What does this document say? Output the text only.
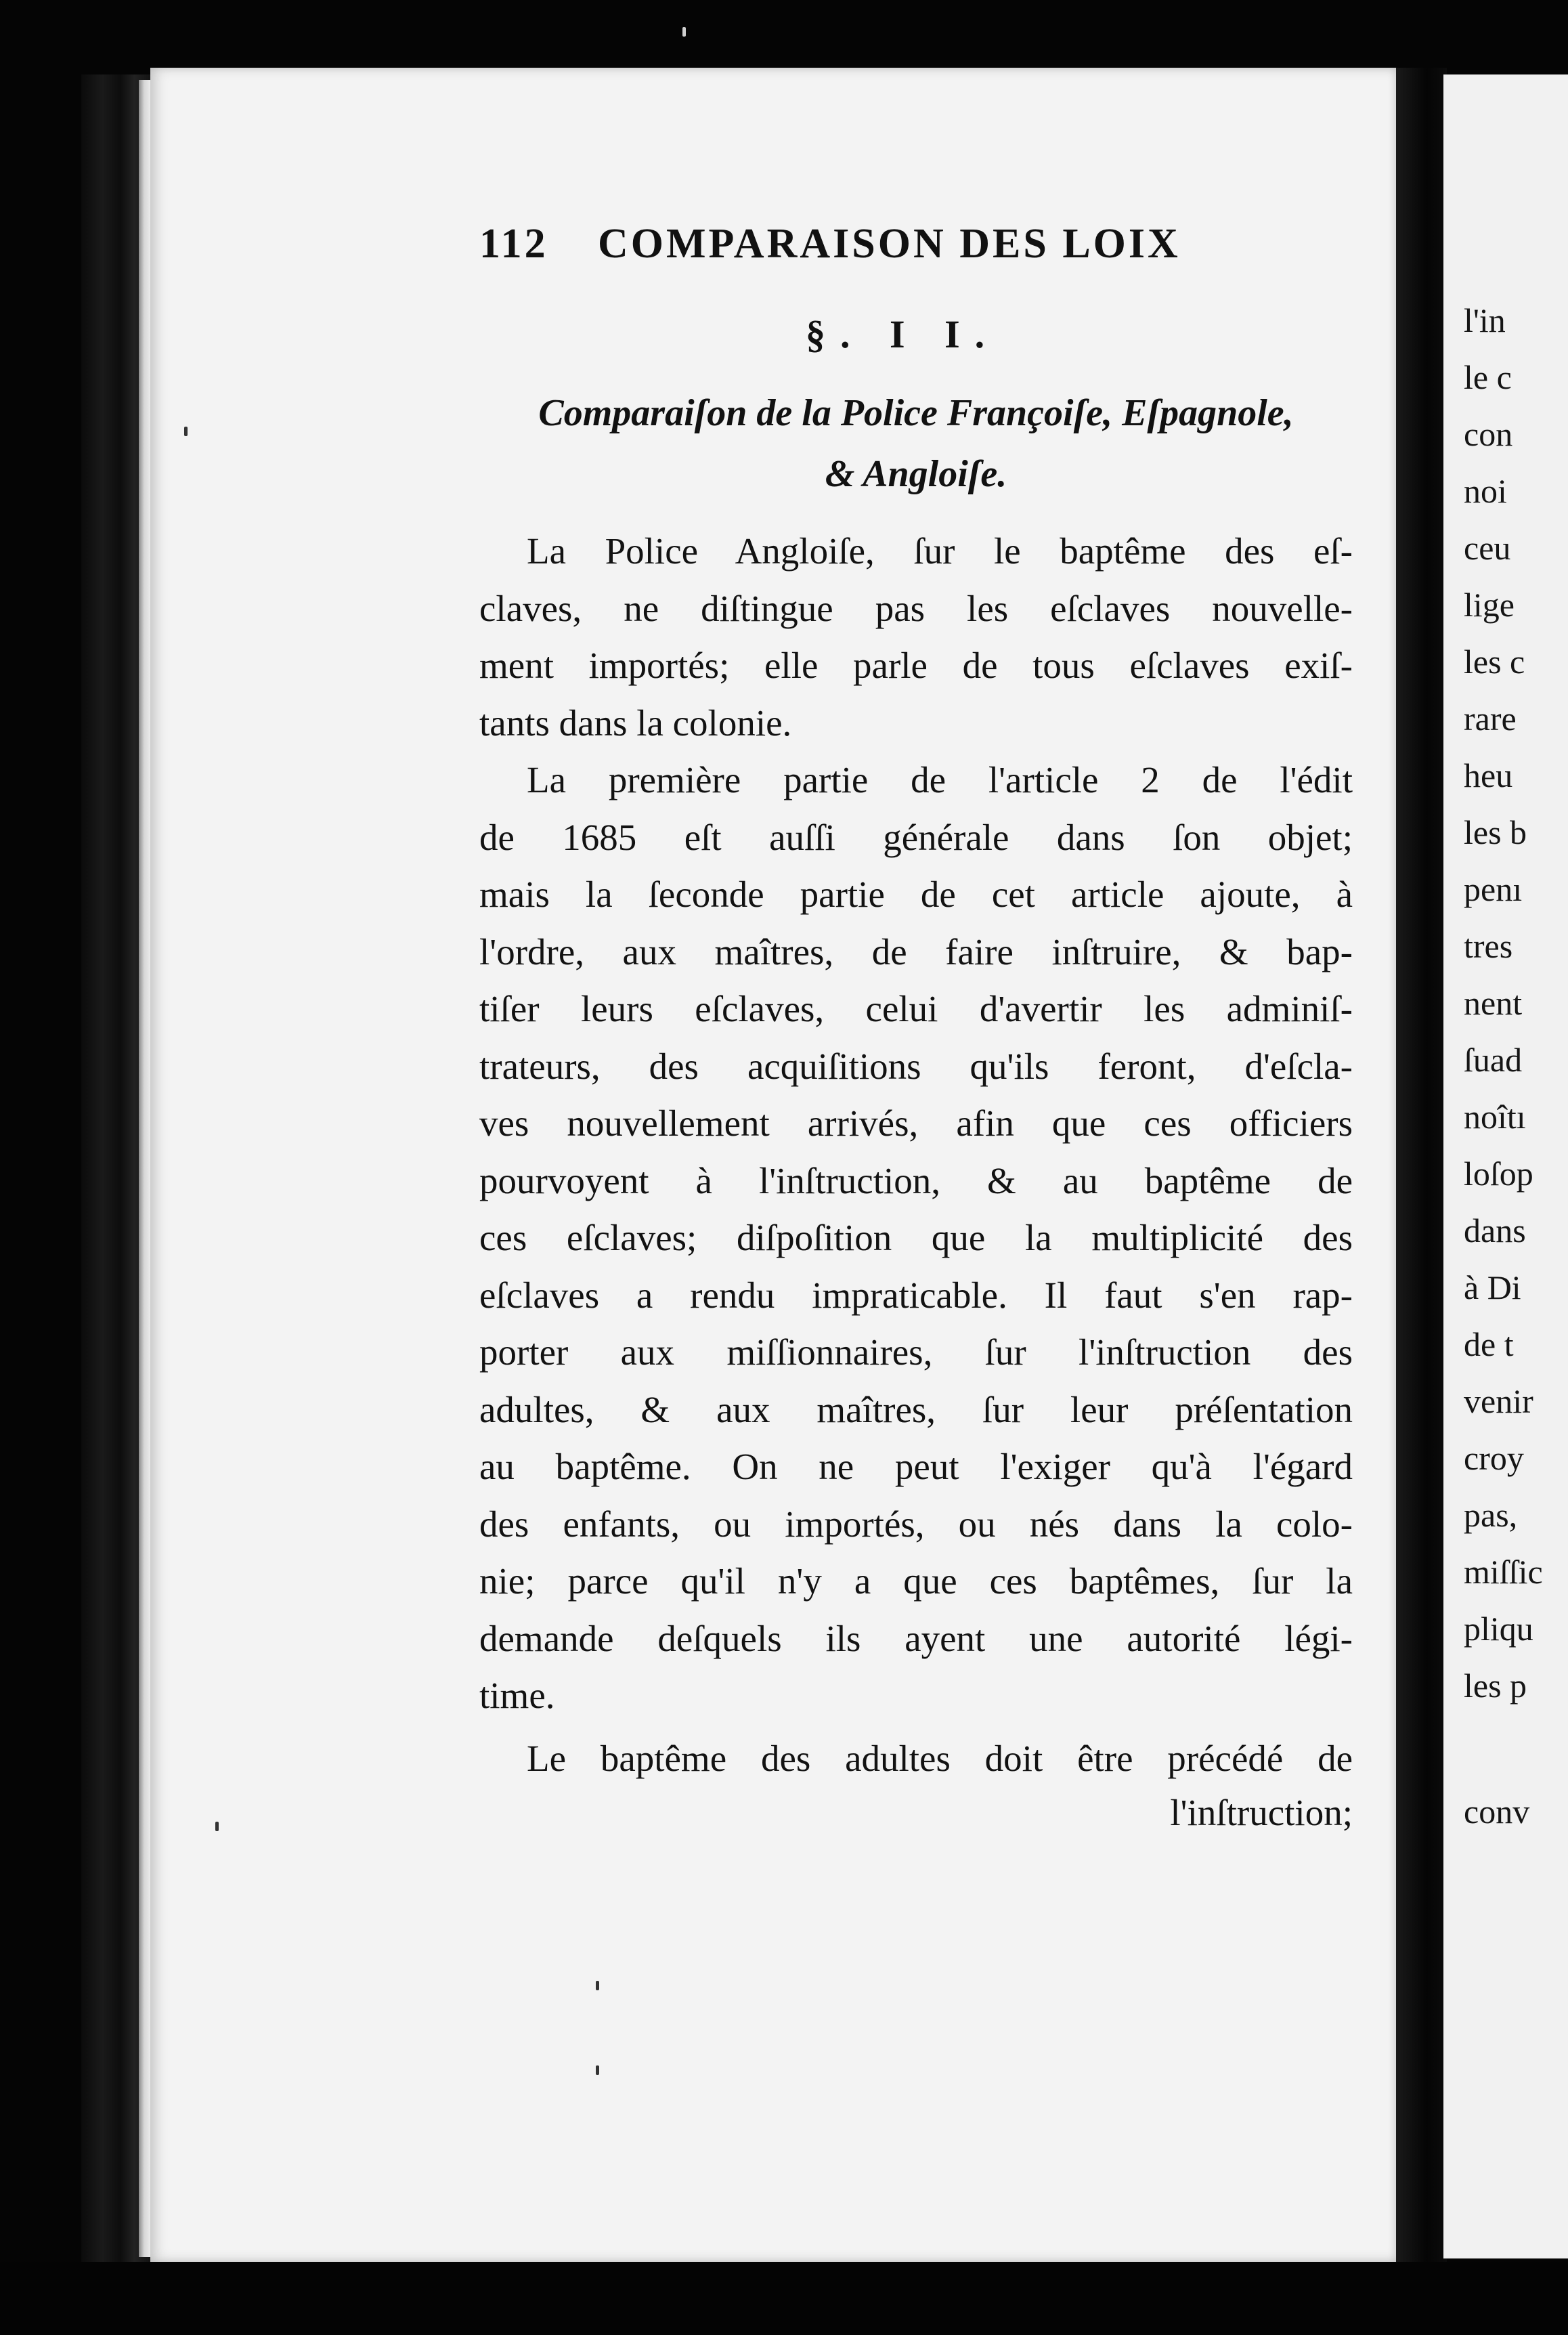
112 COMPARAISON DES LOIX
§. I I.
Comparaiſon de la Police Françoiſe, Eſpagnole,
& Angloiſe.
La Police Angloiſe, ſur le baptême des eſ-
claves, ne diſtingue pas les eſclaves nouvelle-
ment importés; elle parle de tous eſclaves exiſ-
tants dans la colonie.
La première partie de l'article 2 de l'édit
de 1685 eſt auſſi générale dans ſon objet;
mais la ſeconde partie de cet article ajoute, à
l'ordre, aux maîtres, de faire inſtruire, & bap-
tiſer leurs eſclaves, celui d'avertir les adminiſ-
trateurs, des acquiſitions qu'ils feront, d'eſcla-
ves nouvellement arrivés, afin que ces officiers
pourvoyent à l'inſtruction, & au baptême de
ces eſclaves; diſpoſition que la multiplicité des
eſclaves a rendu impraticable. Il faut s'en rap-
porter aux miſſionnaires, ſur l'inſtruction des
adultes, & aux maîtres, ſur leur préſentation
au baptême. On ne peut l'exiger qu'à l'égard
des enfants, ou importés, ou nés dans la colo-
nie; parce qu'il n'y a que ces baptêmes, ſur la
demande deſquels ils ayent une autorité légi-
time.
Le baptême des adultes doit être précédé de
l'inſtruction;
l'in
le c
con
noi
ceu
lige
les c
rare
heu
les b
penı
tres
nent
ſuad
noîtı
loſop
dans
à Di
de t
venir
croy
pas,
miſſic
pliqu
les p
conv
